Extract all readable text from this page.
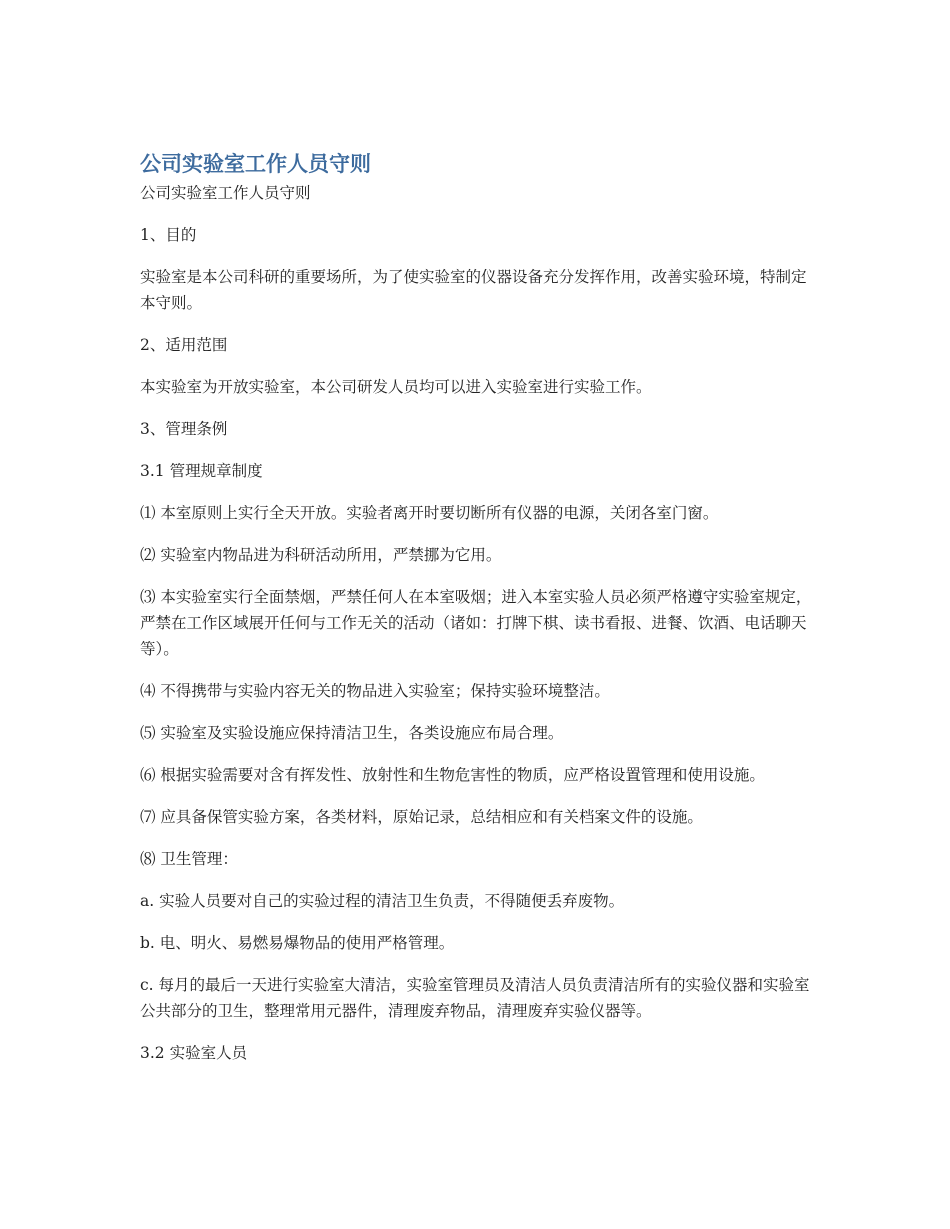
公司实验室工作人员守则

公司实验室工作人员守则

1、目的

实验室是本公司科研的重要场所，为了使实验室的仪器设备充分发挥作用，改善实验环境，特制定本守则。

2、适用范围

本实验室为开放实验室，本公司研发人员均可以进入实验室进行实验工作。

3、管理条例

3.1 管理规章制度

⑴ 本室原则上实行全天开放。实验者离开时要切断所有仪器的电源，关闭各室门窗。

⑵ 实验室内物品进为科研活动所用，严禁挪为它用。

⑶ 本实验室实行全面禁烟，严禁任何人在本室吸烟；进入本室实验人员必须严格遵守实验室规定，严禁在工作区域展开任何与工作无关的活动（诸如：打牌下棋、读书看报、进餐、饮酒、电话聊天等）。

⑷ 不得携带与实验内容无关的物品进入实验室；保持实验环境整洁。

⑸ 实验室及实验设施应保持清洁卫生，各类设施应布局合理。

⑹ 根据实验需要对含有挥发性、放射性和生物危害性的物质，应严格设置管理和使用设施。

⑺ 应具备保管实验方案，各类材料，原始记录，总结相应和有关档案文件的设施。

⑻ 卫生管理：

a. 实验人员要对自己的实验过程的清洁卫生负责，不得随便丢弃废物。

b. 电、明火、易燃易爆物品的使用严格管理。

c. 每月的最后一天进行实验室大清洁，实验室管理员及清洁人员负责清洁所有的实验仪器和实验室公共部分的卫生，整理常用元器件，清理废弃物品，清理废弃实验仪器等。

3.2 实验室人员
